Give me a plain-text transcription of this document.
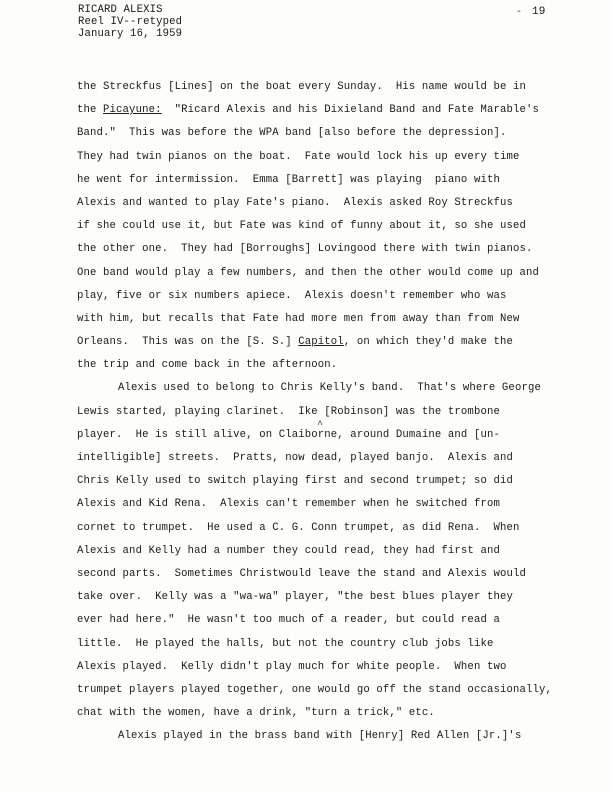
RICARD ALEXIS
Reel IV--retyped
January 16, 1959
- 19
^
the Streckfus [Lines] on the boat every Sunday.  His name would be in
the Picayune:  "Ricard Alexis and his Dixieland Band and Fate Marable's
Band."  This was before the WPA band [also before the depression].
They had twin pianos on the boat.  Fate would lock his up every time
he went for intermission.  Emma [Barrett] was playing  piano with
Alexis and wanted to play Fate's piano.  Alexis asked Roy Streckfus
if she could use it, but Fate was kind of funny about it, so she used
the other one.  They had [Borroughs] Lovingood there with twin pianos.
One band would play a few numbers, and then the other would come up and
play, five or six numbers apiece.  Alexis doesn't remember who was
with him, but recalls that Fate had more men from away than from New
Orleans.  This was on the [S. S.] Capitol, on which they'd make the
the trip and come back in the afternoon.
Alexis used to belong to Chris Kelly's band.  That's where George
Lewis started, playing clarinet.  Ike [Robinson] was the trombone
player.  He is still alive, on Claiborne, around Dumaine and [un-
intelligible] streets.  Pratts, now dead, played banjo.  Alexis and
Chris Kelly used to switch playing first and second trumpet; so did
Alexis and Kid Rena.  Alexis can't remember when he switched from
cornet to trumpet.  He used a C. G. Conn trumpet, as did Rena.  When
Alexis and Kelly had a number they could read, they had first and
second parts.  Sometimes Christwould leave the stand and Alexis would
take over.  Kelly was a "wa-wa" player, "the best blues player they
ever had here."  He wasn't too much of a reader, but could read a
little.  He played the halls, but not the country club jobs like
Alexis played.  Kelly didn't play much for white people.  When two
trumpet players played together, one would go off the stand occasionally,
chat with the women, have a drink, "turn a trick," etc.
Alexis played in the brass band with [Henry] Red Allen [Jr.]'s
